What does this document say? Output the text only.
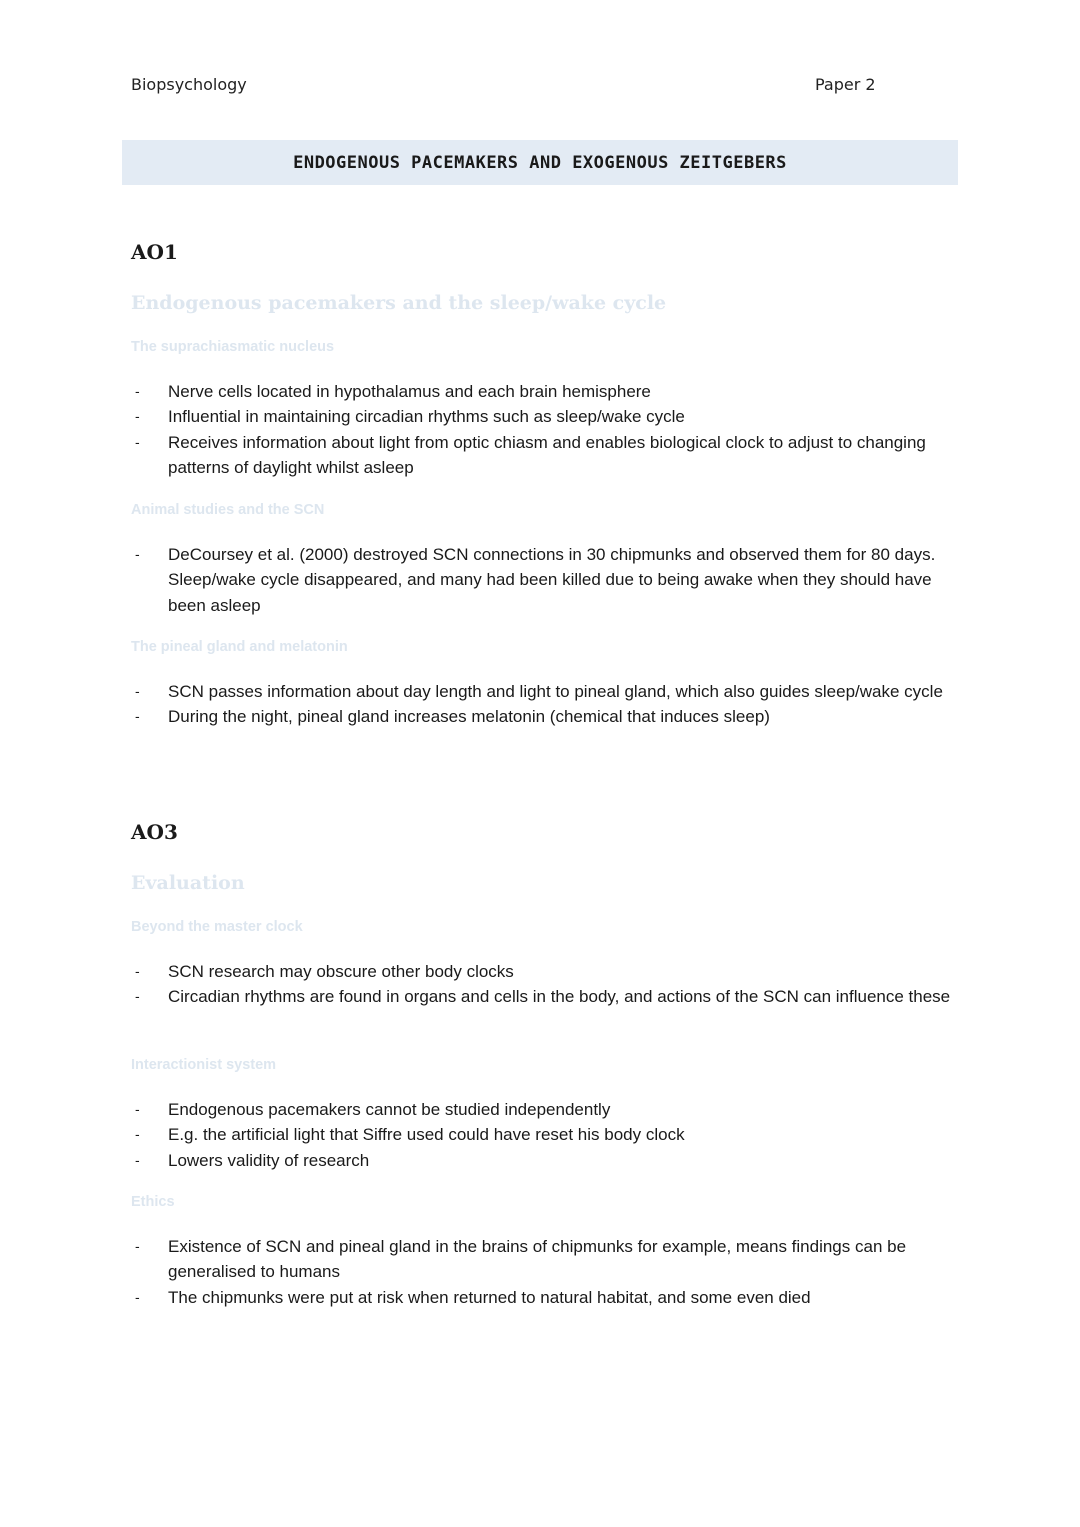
Biopsychology	Paper 2
ENDOGENOUS PACEMAKERS AND EXOGENOUS ZEITGEBERS

AO1

Endogenous pacemakers and the sleep/wake cycle

The suprachiasmatic nucleus

- Nerve cells located in hypothalamus and each brain hemisphere
- Influential in maintaining circadian rhythms such as sleep/wake cycle
- Receives information about light from optic chiasm and enables biological clock to adjust to changing patterns of daylight whilst asleep

Animal studies and the SCN

- DeCoursey et al. (2000) destroyed SCN connections in 30 chipmunks and observed them for 80 days. Sleep/wake cycle disappeared, and many had been killed due to being awake when they should have been asleep

The pineal gland and melatonin

- SCN passes information about day length and light to pineal gland, which also guides sleep/wake cycle
- During the night, pineal gland increases melatonin (chemical that induces sleep)

AO3

Evaluation

Beyond the master clock

- SCN research may obscure other body clocks
- Circadian rhythms are found in organs and cells in the body, and actions of the SCN can influence these

Interactionist system

- Endogenous pacemakers cannot be studied independently
- E.g. the artificial light that Siffre used could have reset his body clock
- Lowers validity of research

Ethics

- Existence of SCN and pineal gland in the brains of chipmunks for example, means findings can be generalised to humans
- The chipmunks were put at risk when returned to natural habitat, and some even died
